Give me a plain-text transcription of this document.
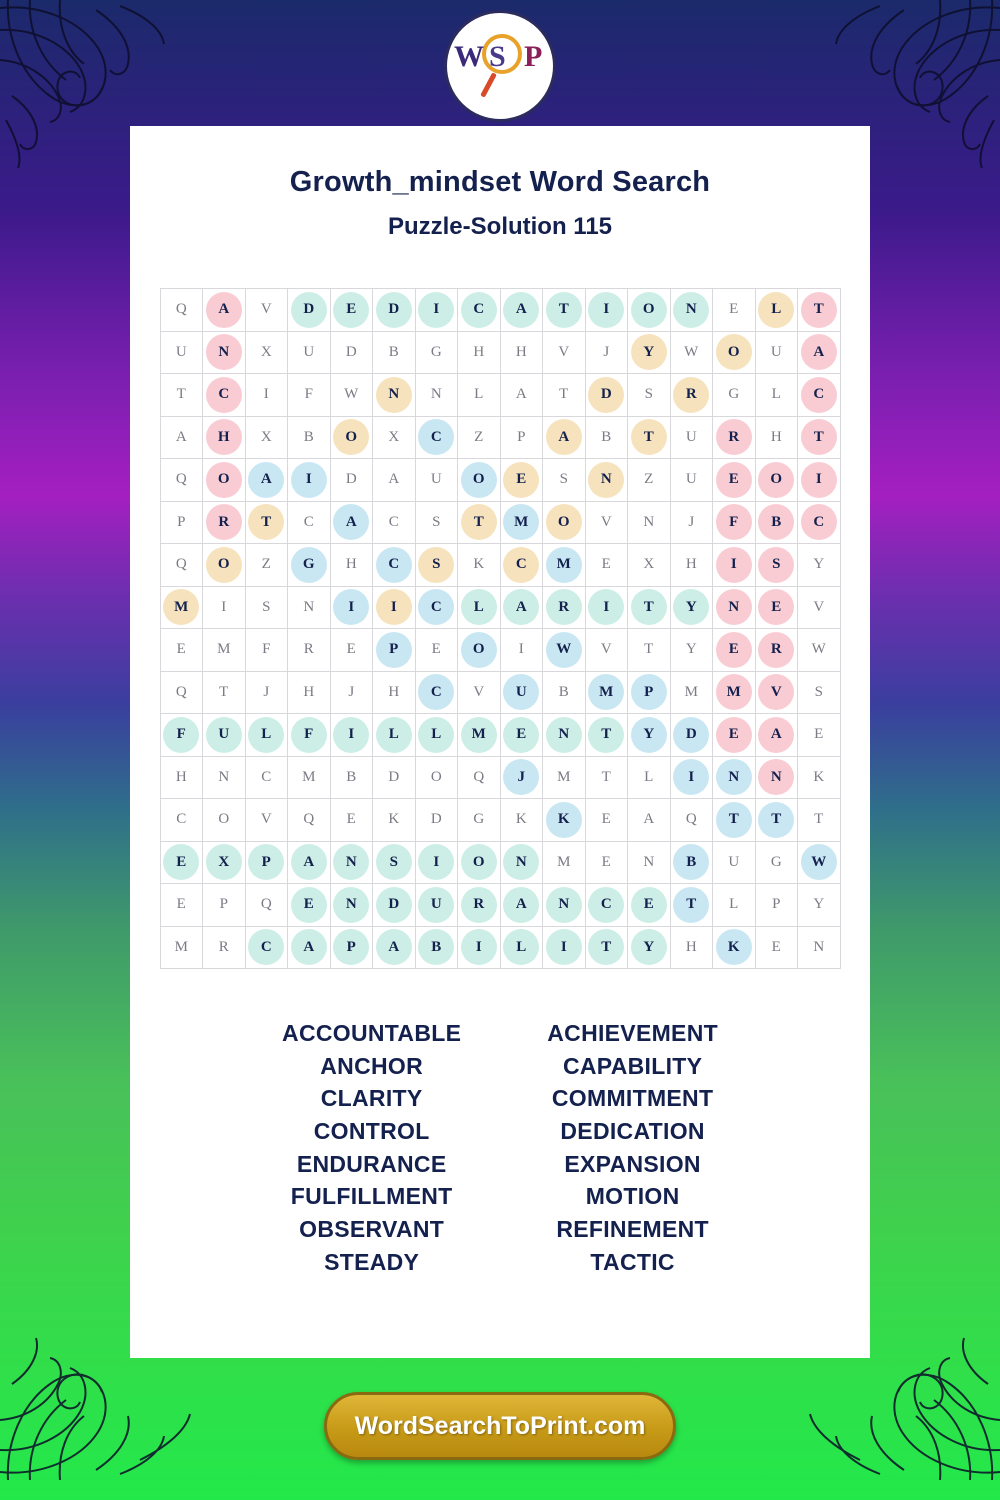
W S P
Growth_mindset Word Search
Puzzle-Solution 115
Q	A	V	D	E	D	I	C	A	T	I	O	N	E	L	T
U	N	X	U	D	B	G	H	H	V	J	Y	W	O	U	A
T	C	I	F	W	N	N	L	A	T	D	S	R	G	L	C
A	H	X	B	O	X	C	Z	P	A	B	T	U	R	H	T
Q	O	A	I	D	A	U	O	E	S	N	Z	U	E	O	I
P	R	T	C	A	C	S	T	M	O	V	N	J	F	B	C
Q	O	Z	G	H	C	S	K	C	M	E	X	H	I	S	Y

M	I	S	N	I	I	C	L	A	R	I	T	Y	N	E	V
E	M	F	R	E	P	E	O	I	W	V	T	Y	E	R	W
Q	T	J	H	J	H	C	V	U	B	M	P	M	M	V	S

F	U	L	F	I	L	L	M	E	N	T	Y	D	E	A	E
H	N	C	M	B	D	O	Q	J	M	T	L	I	N	N	K
C	O	V	Q	E	K	D	G	K	K	E	A	Q	T	T	T

E	X	P	A	N	S	I	O	N	M	E	N	B	U	G	W
E	P	Q	E	N	D	U	R	A	N	C	E	T	L	P	Y
M	R	C	A	P	A	B	I	L	I	T	Y	H	K	E	N
ACCOUNTABLE
ANCHOR
CLARITY
CONTROL
ENDURANCE
FULFILLMENT
OBSERVANT
STEADY
ACHIEVEMENT
CAPABILITY
COMMITMENT
DEDICATION
EXPANSION
MOTION
REFINEMENT
TACTIC
WordSearchToPrint.com
